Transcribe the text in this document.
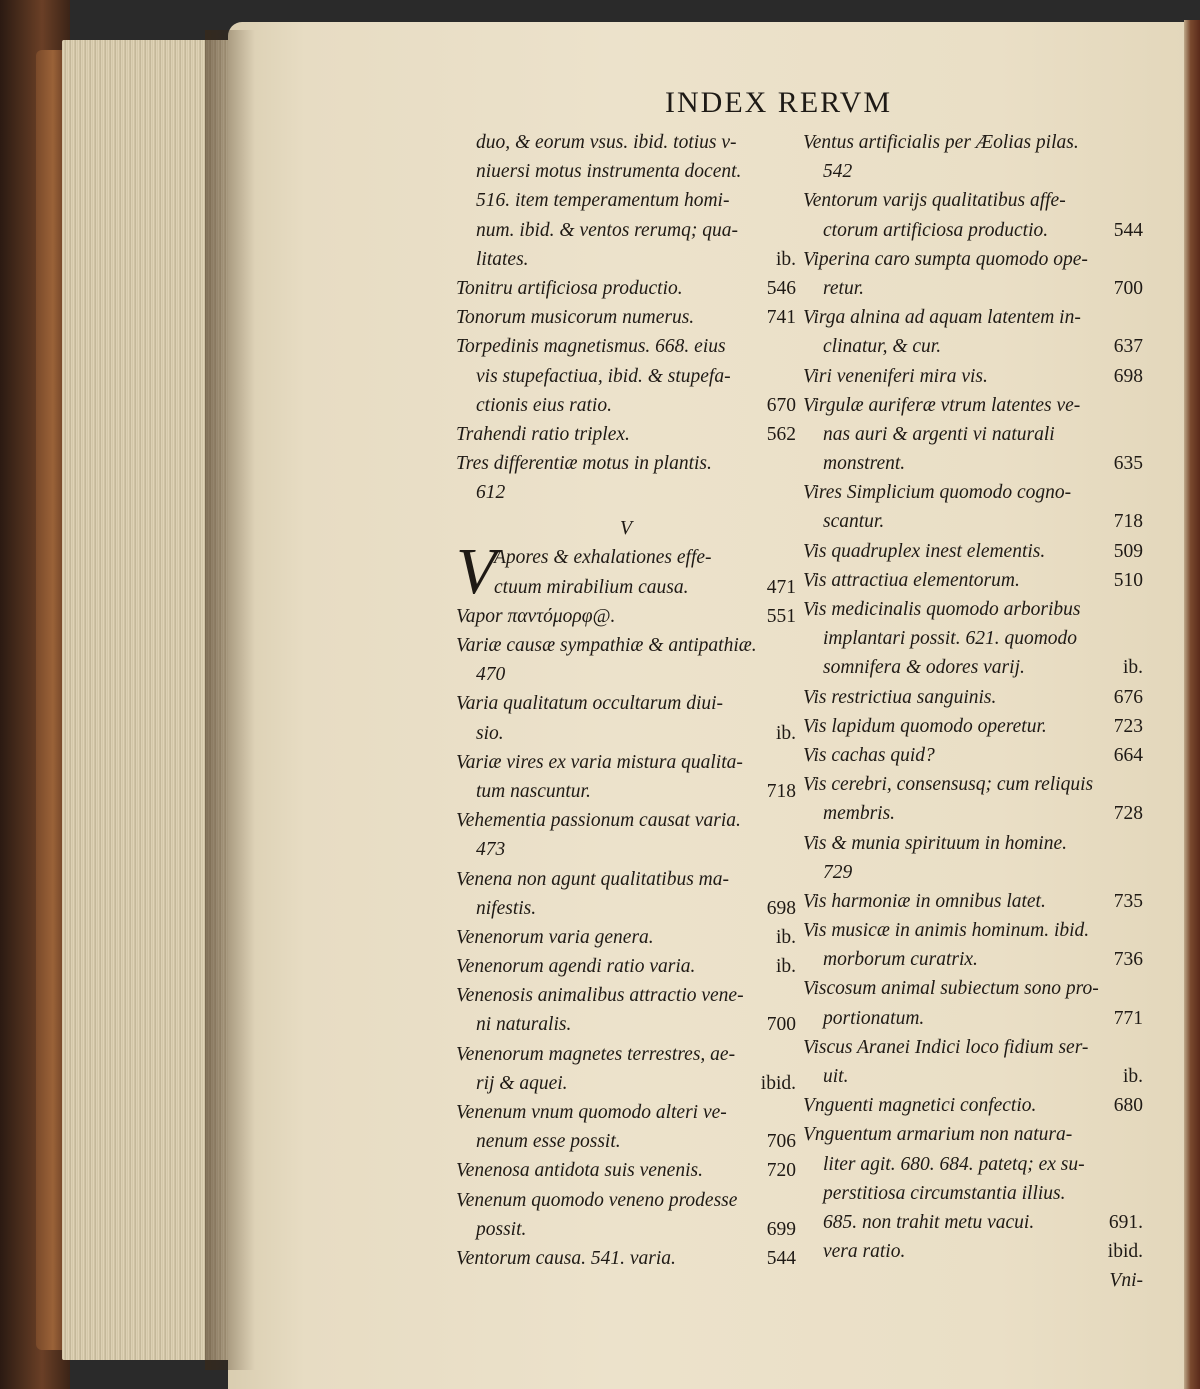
INDEX RERVM
duo, & eorum vsus. ibid. totius v-
niuersi motus instrumenta docent.
516. item temperamentum homi-
num. ibid. & ventos rerumq; qua-
litates.	ib.
Tonitru artificiosa productio.	546
Tonorum musicorum numerus.	741
Torpedinis magnetismus. 668. eius
vis stupefactiua, ibid. & stupefa-
ctionis eius ratio.	670
Trahendi ratio triplex.	562
Tres differentiæ motus in plantis.
612
V
V
Apores & exhalationes effe-
ctuum mirabilium causa.	471
Vapor παντόμορφ@.	551
Variæ causæ sympathiæ & antipathiæ.
470
Varia qualitatum occultarum diui-
sio.	ib.
Variæ vires ex varia mistura qualita-
tum nascuntur.	718
Vehementia passionum causat varia.
473
Venena non agunt qualitatibus ma-
nifestis.	698
Venenorum varia genera.	ib.
Venenorum agendi ratio varia.	ib.
Venenosis animalibus attractio vene-
ni naturalis.	700
Venenorum magnetes terrestres, ae-
rij & aquei.	ibid.
Venenum vnum quomodo alteri ve-
nenum esse possit.	706
Venenosa antidota suis venenis.	720
Venenum quomodo veneno prodesse
possit.	699
Ventorum causa. 541. varia.	544
Ventus artificialis per Æolias pilas.
542
Ventorum varijs qualitatibus affe-
ctorum artificiosa productio.	544
Viperina caro sumpta quomodo ope-
retur.	700
Virga alnina ad aquam latentem in-
clinatur, & cur.	637
Viri veneniferi mira vis.	698
Virgulæ auriferæ vtrum latentes ve-
nas auri & argenti vi naturali
monstrent.	635
Vires Simplicium quomodo cogno-
scantur.	718
Vis quadruplex inest elementis.	509
Vis attractiua elementorum.	510
Vis medicinalis quomodo arboribus
implantari possit. 621. quomodo
somnifera & odores varij.	ib.
Vis restrictiua sanguinis.	676
Vis lapidum quomodo operetur.	723
Vis cachas quid?	664
Vis cerebri, consensusq; cum reliquis
membris.	728
Vis & munia spirituum in homine.
729
Vis harmoniæ in omnibus latet.	735
Vis musicæ in animis hominum. ibid.
morborum curatrix.	736
Viscosum animal subiectum sono pro-
portionatum.	771
Viscus Aranei Indici loco fidium ser-
uit.	ib.
Vnguenti magnetici confectio.	680
Vnguentum armarium non natura-
liter agit. 680. 684. patetq; ex su-
perstitiosa circumstantia illius.
685. non trahit metu vacui.	691.
vera ratio.	ibid.
Vni-
